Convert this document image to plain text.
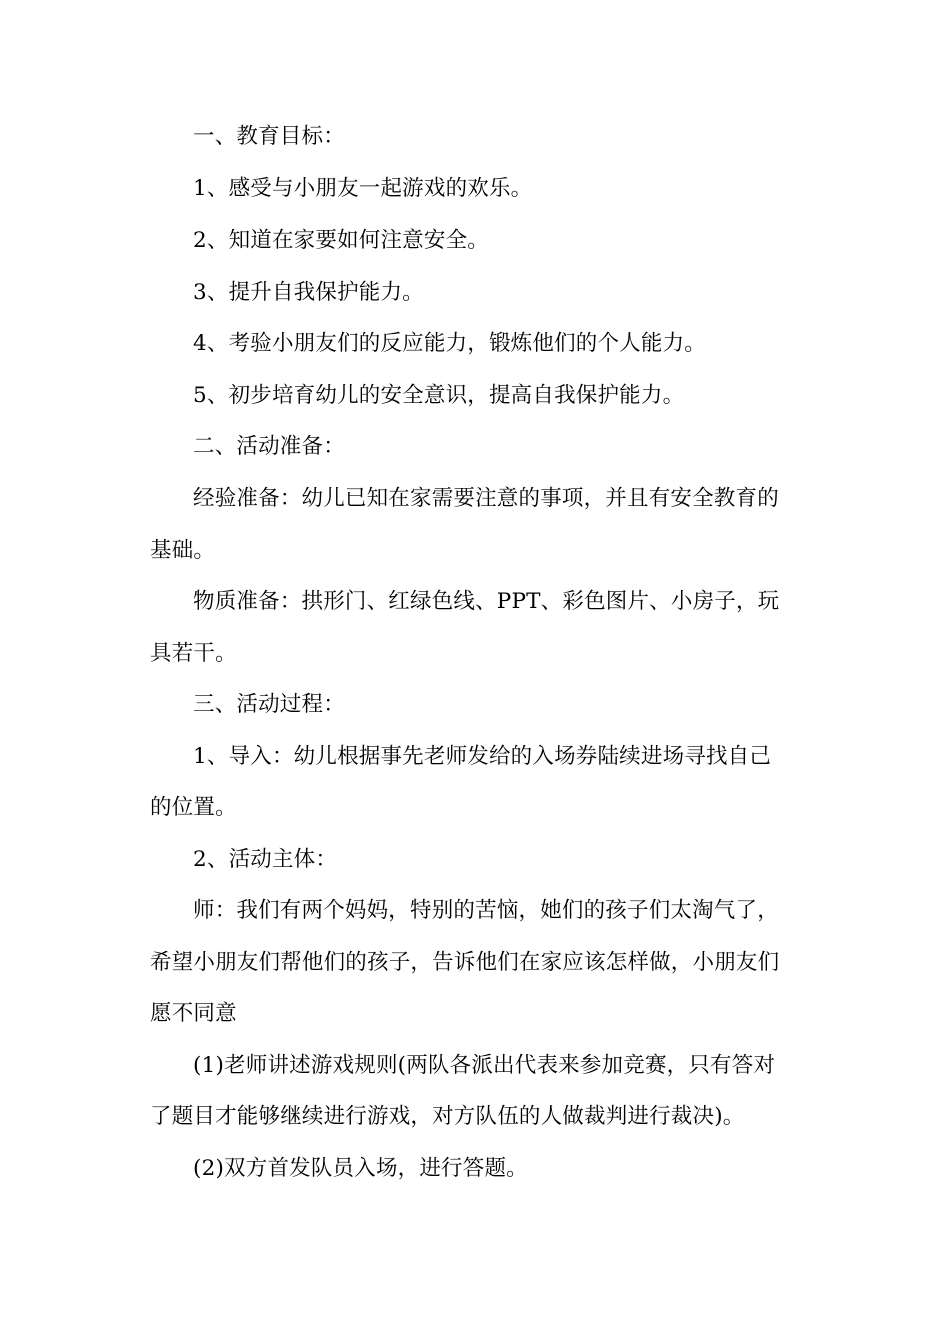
一、教育目标：
1、感受与小朋友一起游戏的欢乐。
2、知道在家要如何注意安全。
3、提升自我保护能力。
4、考验小朋友们的反应能力，锻炼他们的个人能力。
5、初步培育幼儿的安全意识，提高自我保护能力。
二、活动准备：
经验准备：幼儿已知在家需要注意的事项，并且有安全教育的
基础。
物质准备：拱形门、红绿色线、PPT、彩色图片、小房子，玩
具若干。
三、活动过程：
1、导入：幼儿根据事先老师发给的入场券陆续进场寻找自己
的位置。
2、活动主体：
师：我们有两个妈妈，特别的苦恼，她们的孩子们太淘气了，
希望小朋友们帮他们的孩子，告诉他们在家应该怎样做，小朋友们
愿不同意
(1)老师讲述游戏规则(两队各派出代表来参加竞赛，只有答对
了题目才能够继续进行游戏，对方队伍的人做裁判进行裁决)。
(2)双方首发队员入场，进行答题。
